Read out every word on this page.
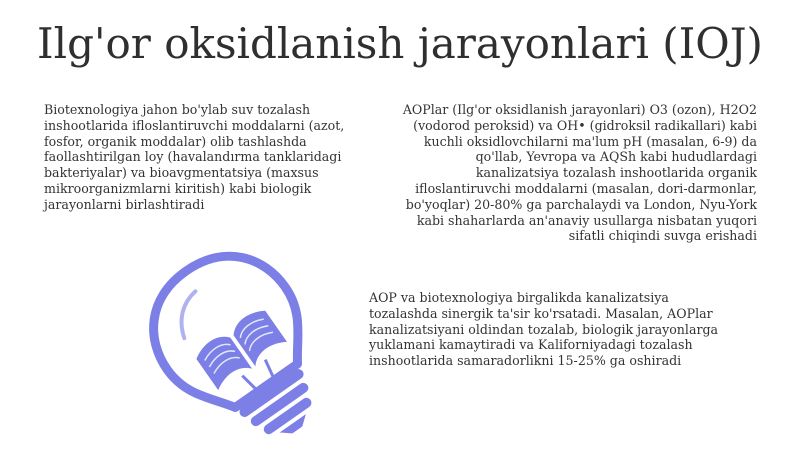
Ilg'or oksidlanish jarayonlari (IOJ)
Biotexnologiya jahon bo'ylab suv tozalash inshootlarida ifloslantiruvchi moddalarni (azot, fosfor, organik moddalar) olib tashlashda faollashtirilgan loy (havalandırma tanklaridagi bakteriyalar) va bioavgmentatsiya (maxsus mikroorganizmlarni kiritish) kabi biologik jarayonlarni birlashtiradi
AOPlar (Ilg'or oksidlanish jarayonlari) O3 (ozon), H2O2 (vodorod peroksid) va OH• (gidroksil radikallari) kabi kuchli oksidlovchilarni ma'lum pH (masalan, 6-9) da qo'llab, Yevropa va AQSh kabi hududlardagi kanalizatsiya tozalash inshootlarida organik ifloslantiruvchi moddalarni (masalan, dori-darmonlar, bo'yoqlar) 20-80% ga parchalaydi va London, Nyu-York kabi shaharlarda an'anaviy usullarga nisbatan yuqori sifatli chiqindi suvga erishadi
AOP va biotexnologiya birgalikda kanalizatsiya tozalashda sinergik ta'sir ko'rsatadi. Masalan, AOPlar kanalizatsiyani oldindan tozalab, biologik jarayonlarga yuklamani kamaytiradi va Kaliforniyadagi tozalash inshootlarida samaradorlikni 15-25% ga oshiradi
